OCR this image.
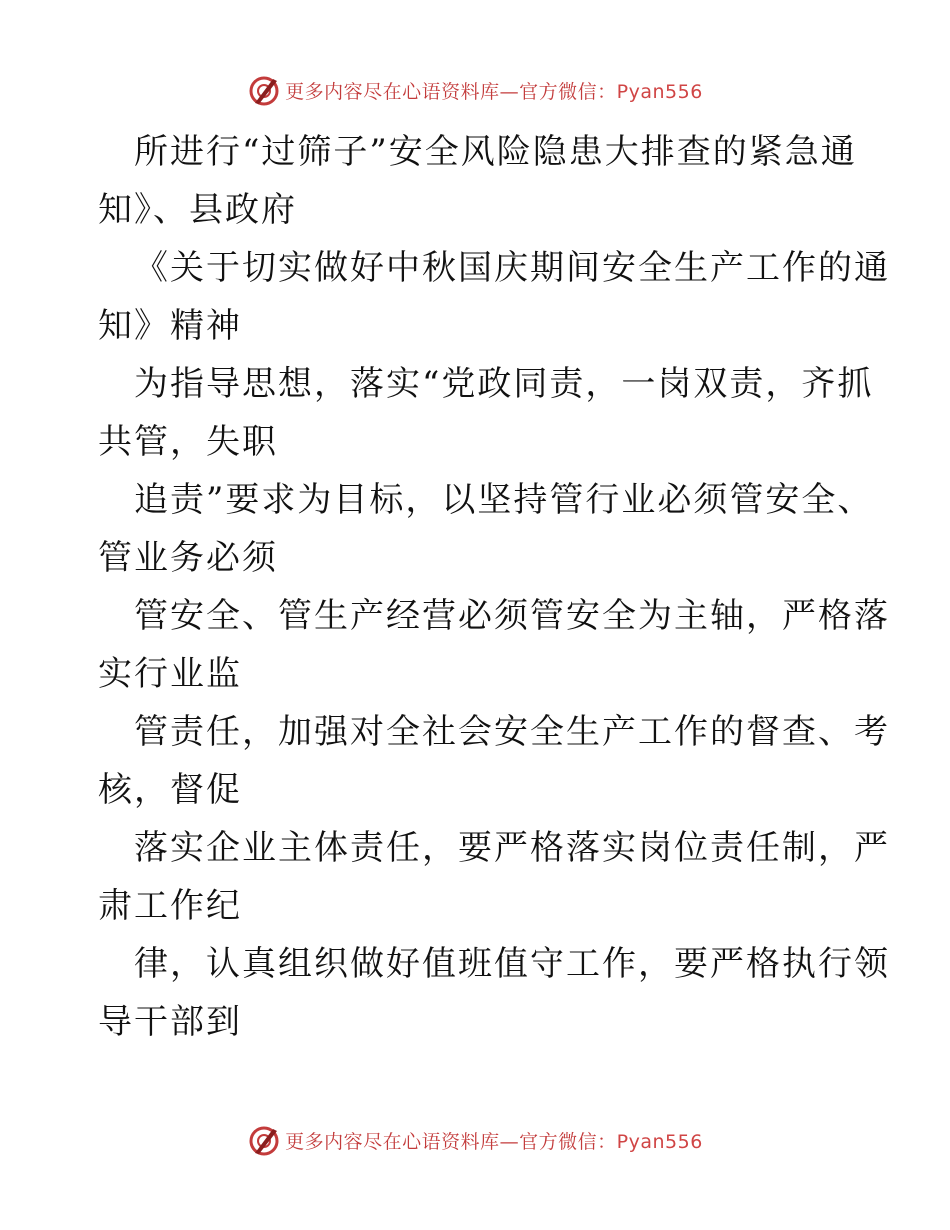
更多内容尽在心语资料库—官方微信：Pyan556
所进行“过筛子”安全风险隐患大排查的紧急通
知》、县政府
《关于切实做好中秋国庆期间安全生产工作的通
知》精神
为指导思想，落实“党政同责，一岗双责，齐抓
共管，失职
追责”要求为目标，以坚持管行业必须管安全、
管业务必须
管安全、管生产经营必须管安全为主轴，严格落
实行业监
管责任，加强对全社会安全生产工作的督查、考
核，督促
落实企业主体责任，要严格落实岗位责任制，严
肃工作纪
律，认真组织做好值班值守工作，要严格执行领
导干部到
更多内容尽在心语资料库—官方微信：Pyan556
